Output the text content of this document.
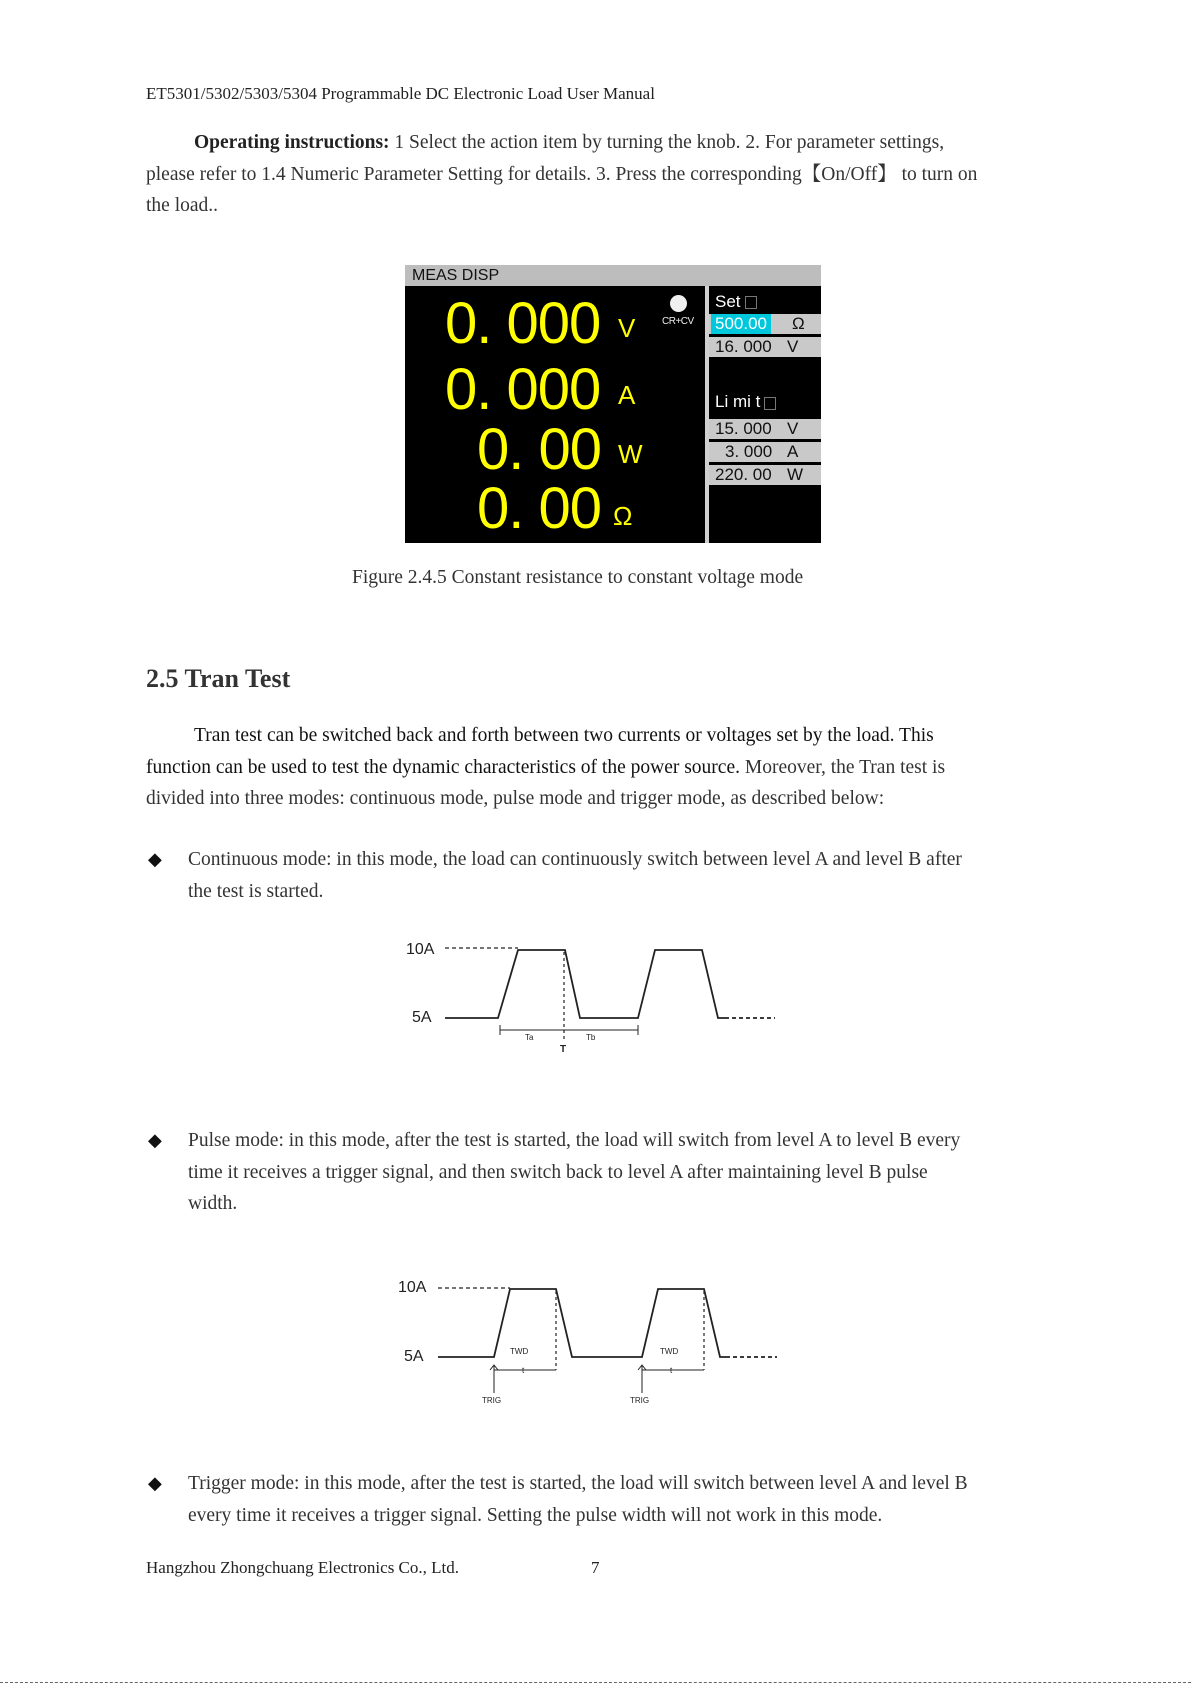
ET5301/5302/5303/5304 Programmable DC Electronic Load User Manual
Operating instructions: 1 Select the action item by turning the knob. 2. For parameter settings,
please refer to 1.4 Numeric Parameter Setting for details. 3. Press the corresponding【On/Off】 to turn on
the load..
MEAS DISP
0. 000 V
0. 000 A
0. 00 W
0. 00 Ω
CR+CV
Set
500.00 Ω
16. 000 V
Li mi t
15. 000 V
3. 000 A
220. 00 W
Figure 2.4.5 Constant resistance to constant voltage mode
2.5 Tran Test
Tran test can be switched back and forth between two currents or voltages set by the load. This
function can be used to test the dynamic characteristics of the power source. Moreover, the Tran test is
divided into three modes: continuous mode, pulse mode and trigger mode, as described below:
◆ Continuous mode: in this mode, the load can continuously switch between level A and level B after
the test is started.
10A
5A
Ta	Tb
T
◆ Pulse mode: in this mode, after the test is started, the load will switch from level A to level B every
time it receives a trigger signal, and then switch back to level A after maintaining level B pulse
width.
10A
5A	TWD	TWD
t	t
TRIG	TRIG
◆ Trigger mode: in this mode, after the test is started, the load will switch between level A and level B
every time it receives a trigger signal. Setting the pulse width will not work in this mode.
Hangzhou Zhongchuang Electronics Co., Ltd.	7
